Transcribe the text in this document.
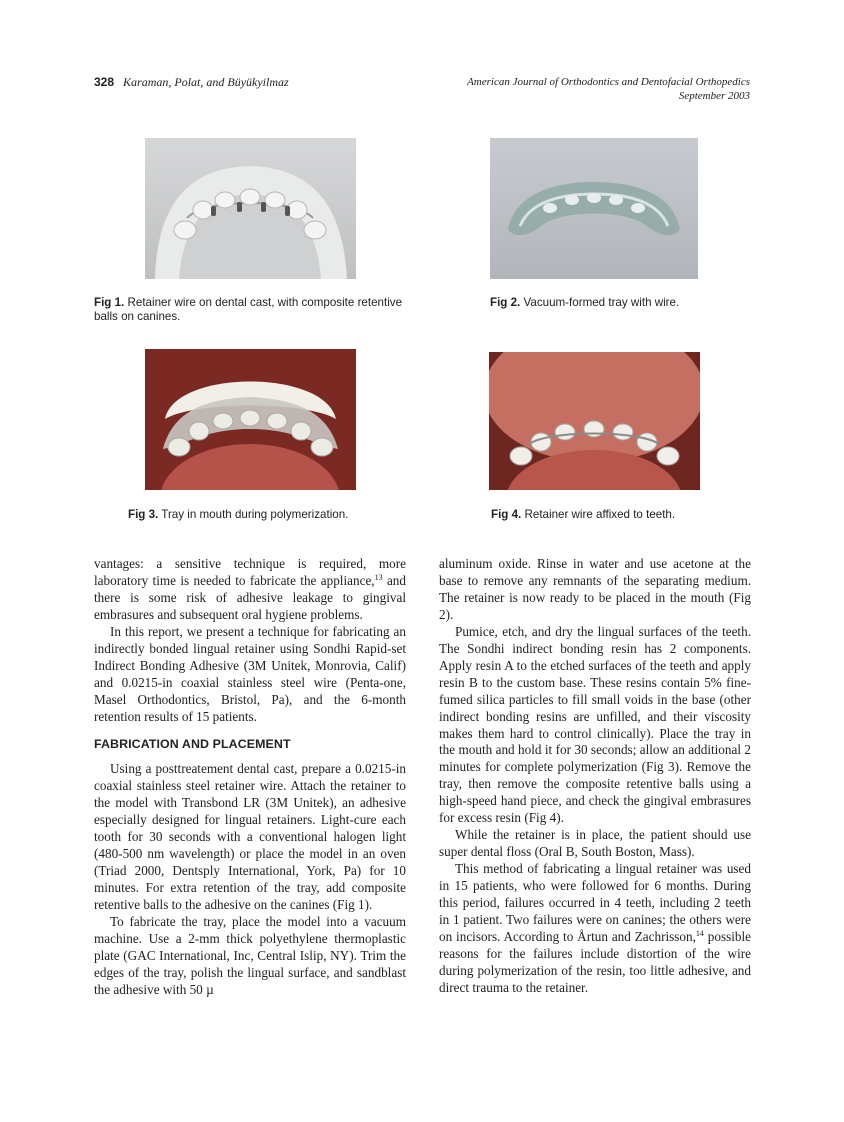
328 Karaman, Polat, and Büyükyilmaz	American Journal of Orthodontics and Dentofacial Orthopedics
September 2003
Fig 1. Retainer wire on dental cast, with composite retentive balls on canines.
Fig 2. Vacuum-formed tray with wire.
Fig 3. Tray in mouth during polymerization.	Fig 4. Retainer wire affixed to teeth.

vantages: a sensitive technique is required, more laboratory time is needed to fabricate the appliance,$^{13}$ and there is some risk of adhesive leakage to gingival embrasures and subsequent oral hygiene problems.

In this report, we present a technique for fabricating an indirectly bonded lingual retainer using Sondhi Rapid-set Indirect Bonding Adhesive (3M Unitek, Monrovia, Calif) and 0.0215-in coaxial stainless steel wire (Penta-one, Masel Orthodontics, Bristol, Pa), and the 6-month retention results of 15 patients.

FABRICATION AND PLACEMENT

Using a posttreatement dental cast, prepare a 0.0215-in coaxial stainless steel retainer wire. Attach the retainer to the model with Transbond LR (3M Unitek), an adhesive especially designed for lingual retainers. Light-cure each tooth for 30 seconds with a conventional halogen light (480-500 nm wavelength) or place the model in an oven (Triad 2000, Dentsply International, York, Pa) for 10 minutes. For extra retention of the tray, add composite retentive balls to the adhesive on the canines (Fig 1).

To fabricate the tray, place the model into a vacuum machine. Use a 2-mm thick polyethylene thermoplastic plate (GAC International, Inc, Central Islip, NY). Trim the edges of the tray, polish the lingual surface, and sandblast the adhesive with 50 µ

aluminum oxide. Rinse in water and use acetone at the base to remove any remnants of the separating medium. The retainer is now ready to be placed in the mouth (Fig 2).

Pumice, etch, and dry the lingual surfaces of the teeth. The Sondhi indirect bonding resin has 2 components. Apply resin A to the etched surfaces of the teeth and apply resin B to the custom base. These resins contain 5% fine-fumed silica particles to fill small voids in the base (other indirect bonding resins are unfilled, and their viscosity makes them hard to control clinically). Place the tray in the mouth and hold it for 30 seconds; allow an additional 2 minutes for complete polymerization (Fig 3). Remove the tray, then remove the composite retentive balls using a high-speed hand piece, and check the gingival embrasures for excess resin (Fig 4).

While the retainer is in place, the patient should use super dental floss (Oral B, South Boston, Mass).

This method of fabricating a lingual retainer was used in 15 patients, who were followed for 6 months. During this period, failures occurred in 4 teeth, including 2 teeth in 1 patient. Two failures were on canines; the others were on incisors. According to Årtun and Zachrisson,$^{14}$ possible reasons for the failures include distortion of the wire during polymerization of the resin, too little adhesive, and direct trauma to the retainer.
